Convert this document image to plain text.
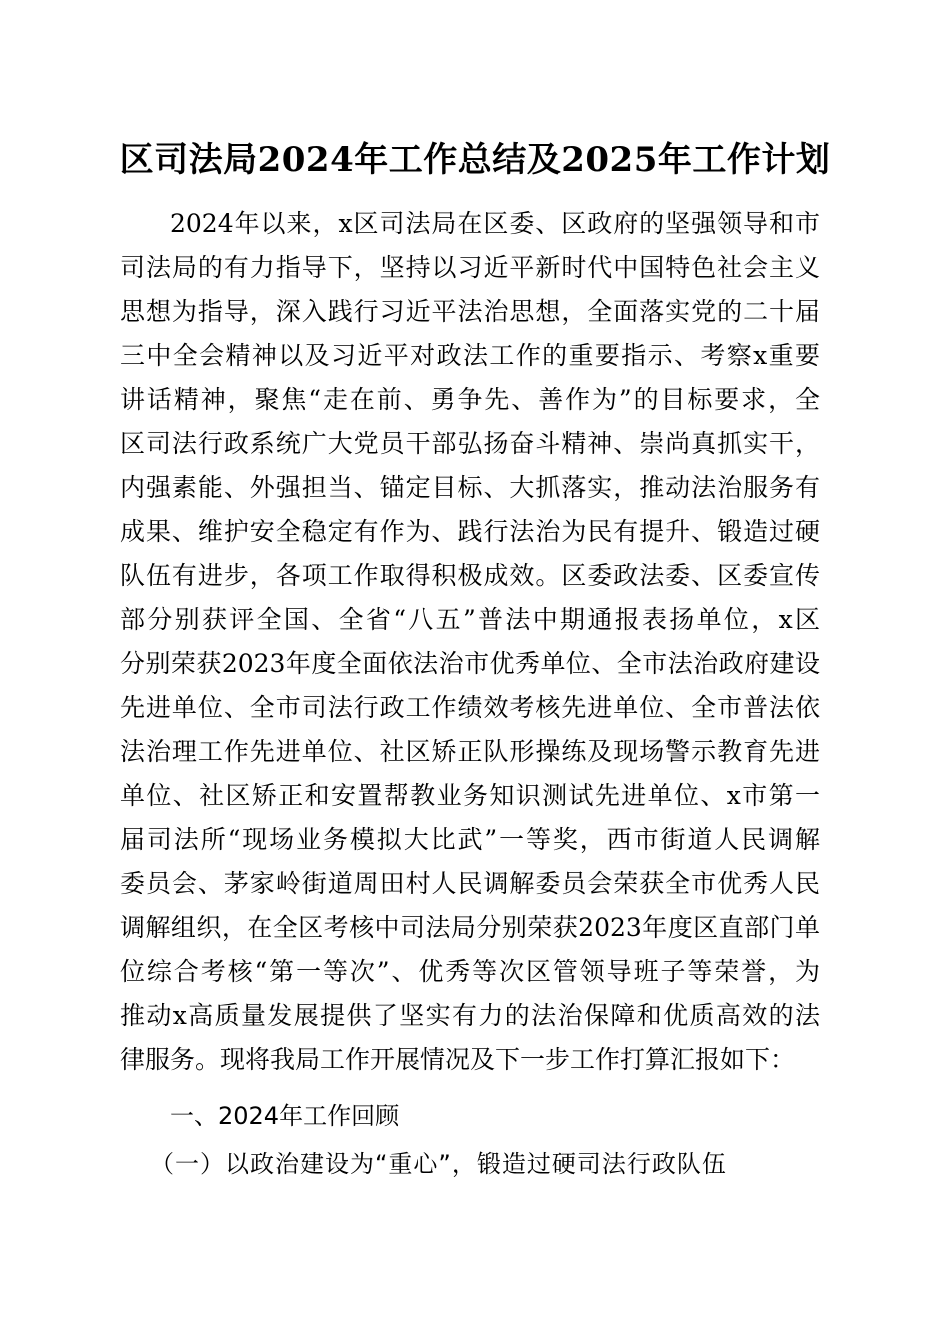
区司法局2024年工作总结及2025年工作计划
2024年以来，x区司法局在区委、区政府的坚强领导和市
司法局的有力指导下，坚持以习近平新时代中国特色社会主义
思想为指导，深入践行习近平法治思想，全面落实党的二十届
三中全会精神以及习近平对政法工作的重要指示、考察x重要
讲话精神，聚焦“走在前、勇争先、善作为”的目标要求，全
区司法行政系统广大党员干部弘扬奋斗精神、崇尚真抓实干，
内强素能、外强担当、锚定目标、大抓落实，推动法治服务有
成果、维护安全稳定有作为、践行法治为民有提升、锻造过硬
队伍有进步，各项工作取得积极成效。区委政法委、区委宣传
部分别获评全国、全省“八五”普法中期通报表扬单位，x区
分别荣获2023年度全面依法治市优秀单位、全市法治政府建设
先进单位、全市司法行政工作绩效考核先进单位、全市普法依
法治理工作先进单位、社区矫正队形操练及现场警示教育先进
单位、社区矫正和安置帮教业务知识测试先进单位、x市第一
届司法所“现场业务模拟大比武”一等奖，西市街道人民调解
委员会、茅家岭街道周田村人民调解委员会荣获全市优秀人民
调解组织，在全区考核中司法局分别荣获2023年度区直部门单
位综合考核“第一等次”、优秀等次区管领导班子等荣誉，为
推动x高质量发展提供了坚实有力的法治保障和优质高效的法
律服务。现将我局工作开展情况及下一步工作打算汇报如下：
一、2024年工作回顾
（一）以政治建设为“重心”，锻造过硬司法行政队伍
